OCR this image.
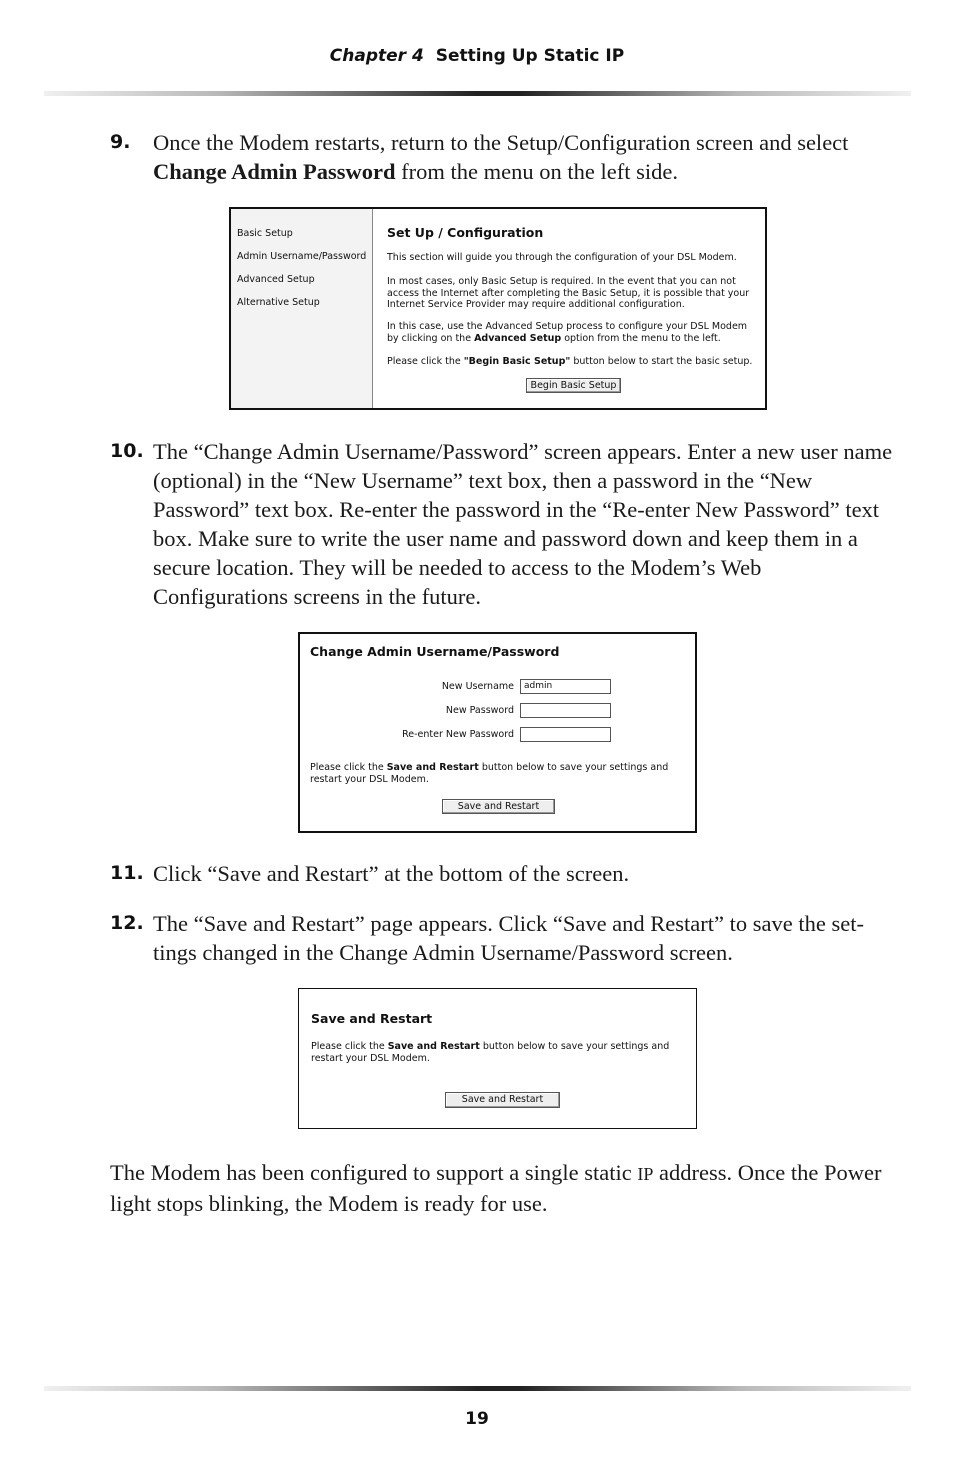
Chapter 4 Setting Up Static IP
9. Once the Modem restarts, return to the Setup/Configuration screen and select Change Admin Password from the menu on the left side.
Basic Setup
Admin Username/Password
Advanced Setup
Alternative Setup
Set Up / Configuration
This section will guide you through the configuration of your DSL Modem.
In most cases, only Basic Setup is required. In the event that you can not access the Internet after completing the Basic Setup, it is possible that your Internet Service Provider may require additional configuration.
In this case, use the Advanced Setup process to configure your DSL Modem by clicking on the Advanced Setup option from the menu to the left.
Please click the "Begin Basic Setup" button below to start the basic setup.
Begin Basic Setup
10. The “Change Admin Username/Password” screen appears. Enter a new user name (optional) in the “New Username” text box, then a password in the “New Password” text box. Re-enter the password in the “Re-enter New Password” text box. Make sure to write the user name and password down and keep them in a secure location. They will be needed to access to the Modem’s Web Configurations screens in the future.
Change Admin Username/Password
New Username	admin
New Password
Re-enter New Password
Please click the Save and Restart button below to save your settings and restart your DSL Modem.
Save and Restart
11. Click “Save and Restart” at the bottom of the screen.
12. The “Save and Restart” page appears. Click “Save and Restart” to save the set-tings changed in the Change Admin Username/Password screen.
Save and Restart
Please click the Save and Restart button below to save your settings and restart your DSL Modem.
Save and Restart
The Modem has been configured to support a single static IP address. Once the Power light stops blinking, the Modem is ready for use.
19
